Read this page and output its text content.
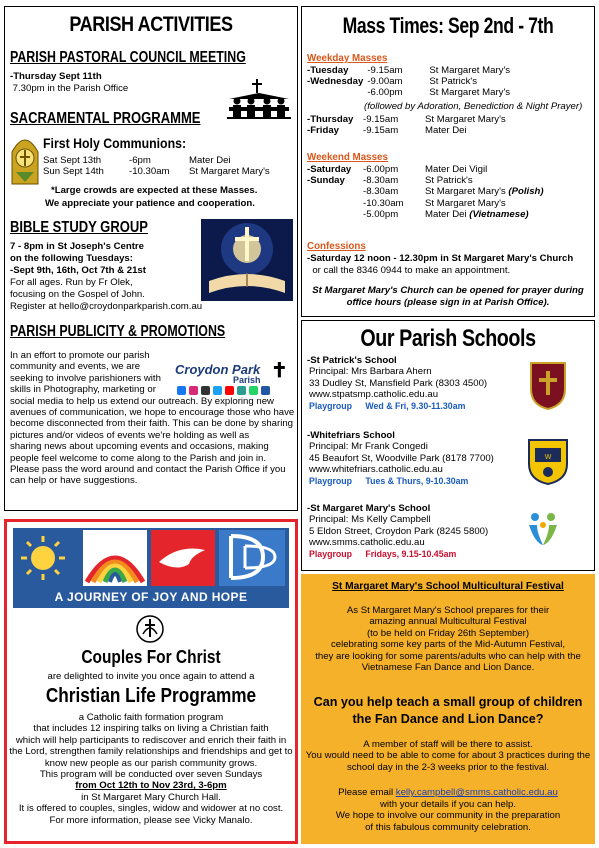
PARISH ACTIVITIES
PARISH PASTORAL COUNCIL MEETING
-Thursday Sept 11th
7.30pm in the Parish Office
SACRAMENTAL PROGRAMME
First Holy Communions:
Sat Sept 13th	-6pm	Mater Dei
Sun Sept 14th	-10.30am	St Margaret Mary's
*Large crowds are expected at these Masses.
We appreciate your patience and cooperation.
BIBLE STUDY GROUP
7 - 8pm in St Joseph's Centre
on the following Tuesdays:
-Sept 9th, 16th, Oct 7th & 21st
For all ages. Run by Fr Olek,
focusing on the Gospel of John.
Register at hello@croydonparkparish.com.au
PARISH PUBLICITY & PROMOTIONS
Croydon Park ✝
Parish
In an effort to promote our parish
community and events, we are
seeking to involve parishioners with
skills in Photography, marketing or
social media to help us extend our outreach. By exploring new
avenues of communication, we hope to encourage those who have
become disconnected from their faith. This can be done by sharing
pictures and/or videos of events we're holding as well as
sharing news about upcoming events and occasions, making
people feel welcome to come along to the Parish and join in.
Please pass the word around and contact the Parish Office if you
can help or have suggestions.
Mass Times: Sep 2nd - 7th
Weekday Masses
-Tuesday	-9.15am	St Margaret Mary's
-Wednesday	-9.00am	St Patrick's
	-6.00pm	St Margaret Mary's
(followed by Adoration, Benediction & Night Prayer)
-Thursday	-9.15am	St Margaret Mary's
-Friday	-9.15am	Mater Dei
Weekend Masses
-Saturday	-6.00pm	Mater Dei Vigil
-Sunday	-8.30am	St Patrick's
	-8.30am	St Margaret Mary's (Polish)
	-10.30am	St Margaret Mary's
	-5.00pm	Mater Dei (Vietnamese)
Confessions
-Saturday 12 noon - 12.30pm in St Margaret Mary's Church
or call the 8346 0944 to make an appointment.
St Margaret Mary's Church can be opened for prayer during
office hours (please sign in at Parish Office).
Our Parish Schools
-St Patrick's School
Principal: Mrs Barbara Ahern
33 Dudley St, Mansfield Park (8303 4500)
www.stpatsmp.catholic.edu.au
Playgroup Wed & Fri, 9.30-11.30am
-Whitefriars School
Principal: Mr Frank Congedi
45 Beaufort St, Woodville Park (8178 7700)
www.whitefriars.catholic.edu.au
Playgroup Tues & Thurs, 9-10.30am
W
-St Margaret Mary's School
Principal: Ms Kelly Campbell
5 Eldon Street, Croydon Park (8245 5800)
www.smms.catholic.edu.au
Playgroup Fridays, 9.15-10.45am
St Margaret Mary's School Multicultural Festival
As St Margaret Mary's School prepares for their
amazing annual Multicultural Festival
(to be held on Friday 26th September)
celebrating some key parts of the Mid-Autumn Festival,
they are looking for some parents/adults who can help with the
Vietnamese Fan Dance and Lion Dance.
Can you help teach a small group of children
the Fan Dance and Lion Dance?
A member of staff will be there to assist.
You would need to be able to come for about 3 practices during the
school day in the 2-3 weeks prior to the festival.
Please email kelly.campbell@smms.catholic.edu.au
with your details if you can help.
We hope to involve our community in the preparation
of this fabulous community celebration.
A JOURNEY OF JOY AND HOPE
Couples For Christ
are delighted to invite you once again to attend a
Christian Life Programme
a Catholic faith formation program
that includes 12 inspiring talks on living a Christian faith
which will help participants to rediscover and enrich their faith in
the Lord, strengthen family relationships and friendships and get to
know new people as our parish community grows.
This program will be conducted over seven Sundays
from Oct 12th to Nov 23rd, 3-6pm
in St Margaret Mary Church Hall.
It is offered to couples, singles, widow and widower at no cost.
For more information, please see Vicky Manalo.
